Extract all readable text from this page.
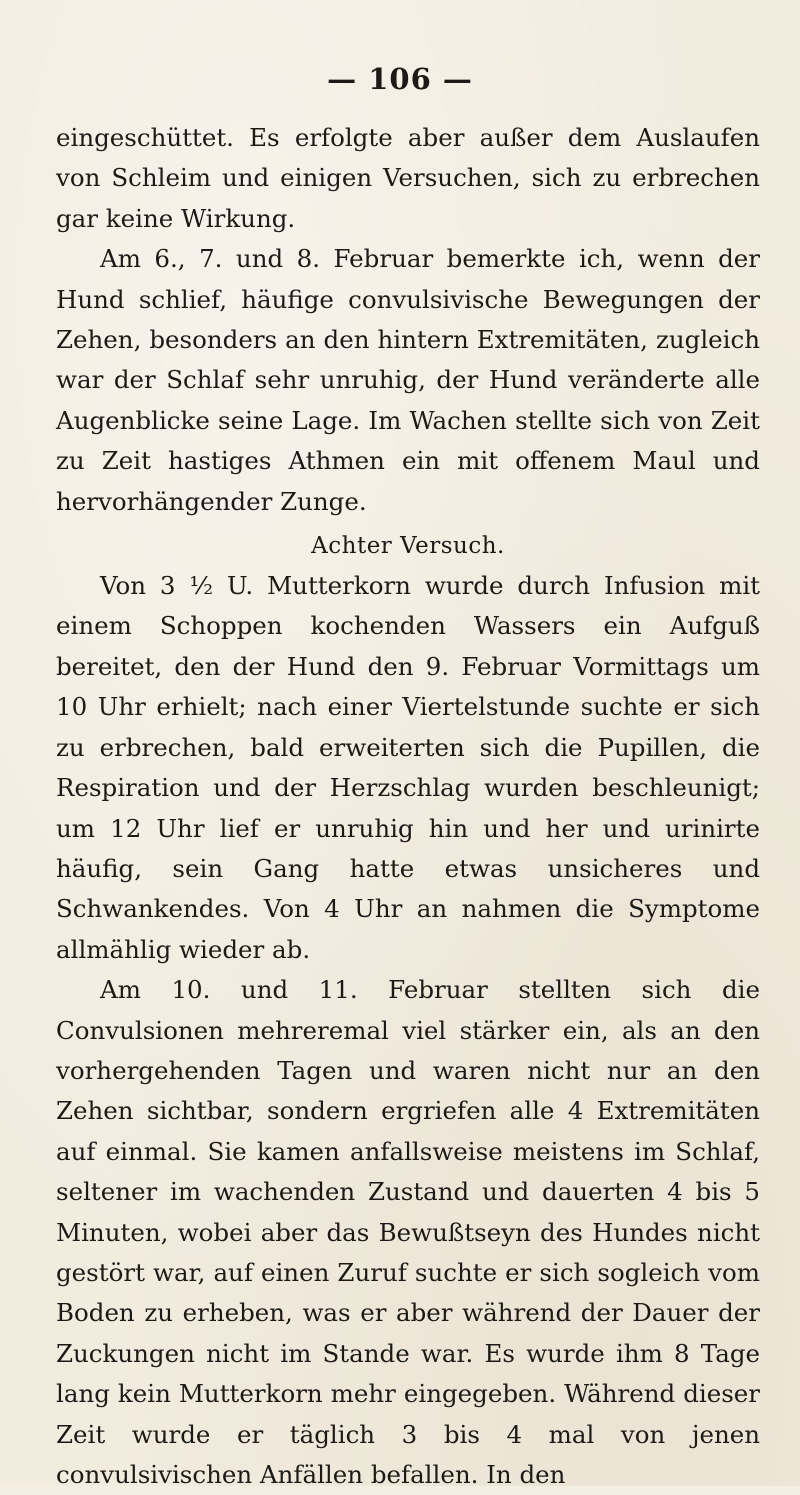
— 106 —

eingeschüttet. Es erfolgte aber außer dem Auslaufen von Schleim und einigen Versuchen, sich zu erbrechen gar keine Wirkung.

Am 6., 7. und 8. Februar bemerkte ich, wenn der Hund schlief, häufige convulsivische Bewegungen der Zehen, besonders an den hintern Extremitäten, zugleich war der Schlaf sehr unruhig, der Hund veränderte alle Augenblicke seine Lage. Im Wachen stellte sich von Zeit zu Zeit hastiges Athmen ein mit offenem Maul und hervorhängender Zunge.

Achter Versuch.

Von 3 ½ U. Mutterkorn wurde durch Infusion mit einem Schoppen kochenden Wassers ein Aufguß bereitet, den der Hund den 9. Februar Vormittags um 10 Uhr erhielt; nach einer Viertelstunde suchte er sich zu erbrechen, bald erweiterten sich die Pupillen, die Respiration und der Herzschlag wurden beschleunigt; um 12 Uhr lief er unruhig hin und her und urinirte häufig, sein Gang hatte etwas unsicheres und Schwankendes. Von 4 Uhr an nahmen die Symptome allmählig wieder ab.

Am 10. und 11. Februar stellten sich die Convulsionen mehreremal viel stärker ein, als an den vorhergehenden Tagen und waren nicht nur an den Zehen sichtbar, sondern ergriefen alle 4 Extremitäten auf einmal. Sie kamen anfallsweise meistens im Schlaf, seltener im wachenden Zustand und dauerten 4 bis 5 Minuten, wobei aber das Bewußtseyn des Hundes nicht gestört war, auf einen Zuruf suchte er sich sogleich vom Boden zu erheben, was er aber während der Dauer der Zuckungen nicht im Stande war. Es wurde ihm 8 Tage lang kein Mutterkorn mehr eingegeben. Während dieser Zeit wurde er täglich 3 bis 4 mal von jenen convulsivischen Anfällen befallen. In den
